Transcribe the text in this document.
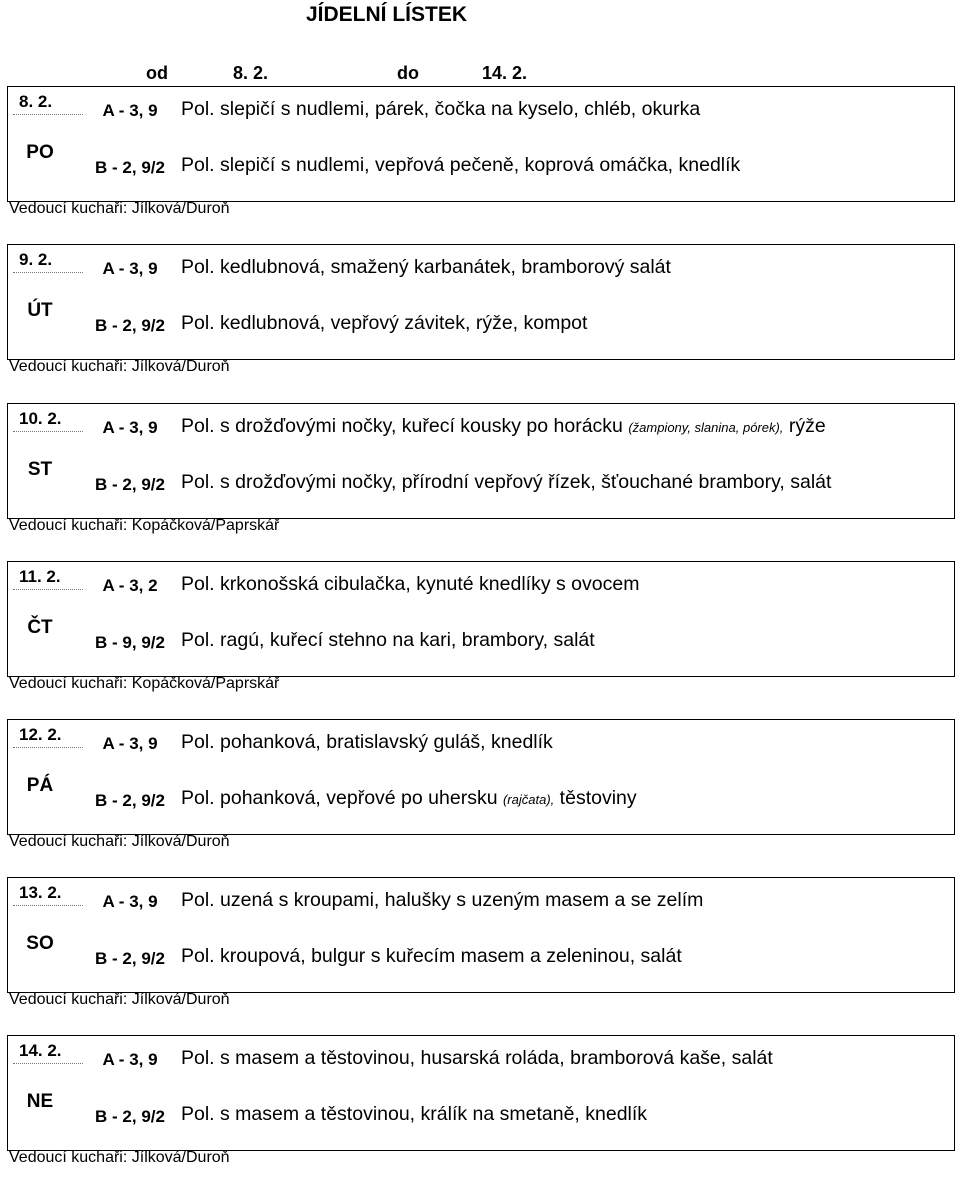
JÍDELNÍ LÍSTEK
od	8. 2.	do	14. 2.
8. 2.
PO
A - 3, 9	Pol. slepičí s nudlemi, párek, čočka na kyselo, chléb, okurka
B - 2, 9/2 Pol. slepičí s nudlemi, vepřová pečeně, koprová omáčka, knedlík
Vedoucí kuchaři: Jílková/Duroň
9. 2.
ÚT
A - 3, 9	Pol. kedlubnová, smažený karbanátek, bramborový salát
B - 2, 9/2 Pol. kedlubnová, vepřový závitek, rýže, kompot
Vedoucí kuchaři: Jílková/Duroň
10. 2.
ST
A - 3, 9	Pol. s drožďovými nočky, kuřecí kousky po horácku (žampiony, slanina, pórek), rýže
B - 2, 9/2 Pol. s drožďovými nočky, přírodní vepřový řízek, šťouchané brambory, salát
Vedoucí kuchaři: Kopáčková/Paprskář
11. 2.
ČT
A - 3, 2	Pol. krkonošská cibulačka, kynuté knedlíky s ovocem
B - 9, 9/2 Pol. ragú, kuřecí stehno na kari, brambory, salát
Vedoucí kuchaři: Kopáčková/Paprskář
12. 2.
PÁ
A - 3, 9	Pol. pohanková, bratislavský guláš, knedlík
B - 2, 9/2 Pol. pohanková, vepřové po uhersku (rajčata), těstoviny
Vedoucí kuchaři: Jílková/Duroň
13. 2.
SO
A - 3, 9	Pol. uzená s kroupami, halušky s uzeným masem a se zelím
B - 2, 9/2 Pol. kroupová, bulgur s kuřecím masem a zeleninou, salát
Vedoucí kuchaři: Jílková/Duroň
14. 2.
NE
A - 3, 9	Pol. s masem a těstovinou, husarská roláda, bramborová kaše, salát
B - 2, 9/2 Pol. s masem a těstovinou, králík na smetaně, knedlík
Vedoucí kuchaři: Jílková/Duroň
